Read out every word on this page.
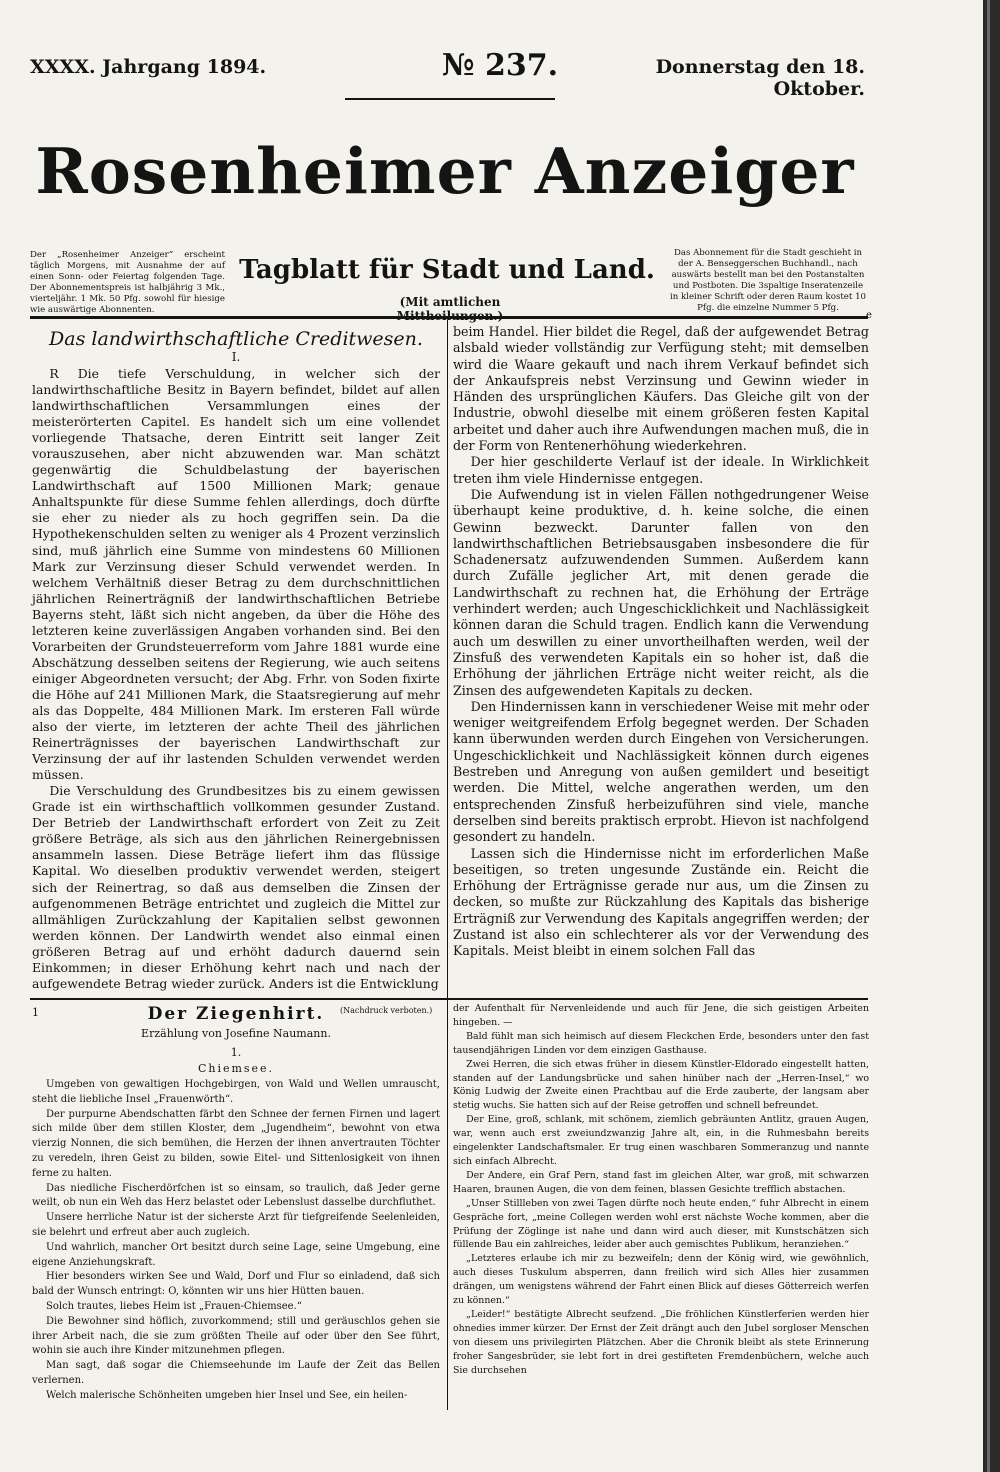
XXXX. Jahrgang 1894.	№ 237.	Donnerstag den 18. Oktober.
Rosenheimer Anzeiger
Der „Rosenheimer Anzeiger“ erscheint täglich Morgens, mit Ausnahme der auf einen Sonn- oder Feiertag folgenden Tage. Der Abonnementspreis ist halbjährig 3 Mk., vierteljähr. 1 Mk. 50 Pfg. sowohl für hiesige wie auswärtige Abonnenten.
Tagblatt für Stadt und Land.
(Mit amtlichen
Das Abonnement für die Stadt geschieht in der A. Benseggerschen Buchhandl., nach auswärts bestellt man bei den Postanstalten und Postboten. Die 3spaltige Inseratenzeile in kleiner Schrift oder deren Raum kostet 10 Pfg. die einzelne Nummer 5 Pfg.
e
Das landwirthschaftliche Creditwesen.
I.

R Die tiefe Verschuldung, in welcher sich der landwirthschaftliche Besitz in Bayern befindet, bildet auf allen landwirthschaftlichen Versammlungen eines der meisterörterten Capitel. Es handelt sich um eine vollendet vorliegende Thatsache, deren Eintritt seit langer Zeit vorauszusehen, aber nicht abzuwenden war. Man schätzt gegenwärtig die Schuldbelastung der bayerischen Landwirthschaft auf 1500 Millionen Mark; genaue Anhaltspunkte für diese Summe fehlen allerdings, doch dürfte sie eher zu nieder als zu hoch gegriffen sein. Da die Hypothekenschulden selten zu weniger als 4 Prozent verzinslich sind, muß jährlich eine Summe von mindestens 60 Millionen Mark zur Verzinsung dieser Schuld verwendet werden. In welchem Verhältniß dieser Betrag zu dem durchschnittlichen jährlichen Reinerträgniß der landwirthschaftlichen Betriebe Bayerns steht, läßt sich nicht angeben, da über die Höhe des letzteren keine zuverlässigen Angaben vorhanden sind. Bei den Vorarbeiten der Grundsteuerreform vom Jahre 1881 wurde eine Abschätzung desselben seitens der Regierung, wie auch seitens einiger Abgeordneten versucht; der Abg. Frhr. von Soden fixirte die Höhe auf 241 Millionen Mark, die Staatsregierung auf mehr als das Doppelte, 484 Millionen Mark. Im ersteren Fall würde also der vierte, im letzteren der achte Theil des jährlichen Reinerträgnisses der bayerischen Landwirthschaft zur Verzinsung der auf ihr lastenden Schulden verwendet werden müssen.

Die Verschuldung des Grundbesitzes bis zu einem gewissen Grade ist ein wirthschaftlich vollkommen gesunder Zustand. Der Betrieb der Landwirthschaft erfordert von Zeit zu Zeit größere Beträge, als sich aus den jährlichen Reinergebnissen ansammeln lassen. Diese Beträge liefert ihm das flüssige Kapital. Wo dieselben produktiv verwendet werden, steigert sich der Reinertrag, so daß aus demselben die Zinsen der aufgenommenen Beträge entrichtet und zugleich die Mittel zur allmähligen Zurückzahlung der Kapitalien selbst gewonnen werden können. Der Landwirth wendet also einmal einen größeren Betrag auf und erhöht dadurch dauernd sein Einkommen; in dieser Erhöhung kehrt nach und nach der aufgewendete Betrag wieder zurück. Anders ist die Entwicklung

beim Handel. Hier bildet die Regel, daß der aufgewendet Betrag alsbald wieder vollständig zur Verfügung steht; mit demselben wird die Waare gekauft und nach ihrem Verkauf befindet sich der Ankaufspreis nebst Verzinsung und Gewinn wieder in Händen des ursprünglichen Käufers. Das Gleiche gilt von der Industrie, obwohl dieselbe mit einem größeren festen Kapital arbeitet und daher auch ihre Aufwendungen machen muß, die in der Form von Rentenerhöhung wiederkehren.

Der hier geschilderte Verlauf ist der ideale. In Wirklichkeit treten ihm viele Hindernisse entgegen.

Die Aufwendung ist in vielen Fällen nothgedrungener Weise überhaupt keine produktive, d. h. keine solche, die einen Gewinn bezweckt. Darunter fallen von den landwirthschaftlichen Betriebsausgaben insbesondere die für Schadenersatz aufzuwendenden Summen. Außerdem kann durch Zufälle jeglicher Art, mit denen gerade die Landwirthschaft zu rechnen hat, die Erhöhung der Erträge verhindert werden; auch Ungeschicklichkeit und Nachlässigkeit können daran die Schuld tragen. Endlich kann die Verwendung auch um deswillen zu einer unvortheilhaften werden, weil der Zinsfuß des verwendeten Kapitals ein so hoher ist, daß die Erhöhung der jährlichen Erträge nicht weiter reicht, als die Zinsen des aufgewendeten Kapitals zu decken.

Den Hindernissen kann in verschiedener Weise mit mehr oder weniger weitgreifendem Erfolg begegnet werden. Der Schaden kann überwunden werden durch Eingehen von Versicherungen. Ungeschicklichkeit und Nachlässigkeit können durch eigenes Bestreben und Anregung von außen gemildert und beseitigt werden. Die Mittel, welche angerathen werden, um den entsprechenden Zinsfuß herbeizuführen sind viele, manche derselben sind bereits praktisch erprobt. Hievon ist nachfolgend gesondert zu handeln.

Lassen sich die Hindernisse nicht im erforderlichen Maße beseitigen, so treten ungesunde Zustände ein. Reicht die Erhöhung der Erträgnisse gerade nur aus, um die Zinsen zu decken, so mußte zur Rückzahlung des Kapitals das bisherige Erträgniß zur Verwendung des Kapitals angegriffen werden; der Zustand ist also ein schlechterer als vor der Verwendung des Kapitals. Meist bleibt in einem solchen Fall das

1	Der Ziegenhirt.	(Nachdruck verboten.)
Erzählung von Josefine Naumann.
1.
Chiemsee.

Umgeben von gewaltigen Hochgebirgen, von Wald und Wellen umrauscht, steht die liebliche Insel „Frauenwörth“.

Der purpurne Abendschatten färbt den Schnee der fernen Firnen und lagert sich milde über dem stillen Kloster, dem „Jugendheim“, bewohnt von etwa vierzig Nonnen, die sich bemühen, die Herzen der ihnen anvertrauten Töchter zu veredeln, ihren Geist zu bilden, sowie Eitel- und Sittenlosigkeit von ihnen ferne zu halten.

Das niedliche Fischerdörfchen ist so einsam, so traulich, daß Jeder gerne weilt, ob nun ein Weh das Herz belastet oder Lebenslust dasselbe durchfluthet.

Unsere herrliche Natur ist der sicherste Arzt für tiefgreifende Seelenleiden, sie belehrt und erfreut aber auch zugleich.

Und wahrlich, mancher Ort besitzt durch seine Lage, seine Umgebung, eine eigene Anziehungskraft.

Hier besonders wirken See und Wald, Dorf und Flur so einladend, daß sich bald der Wunsch entringt: O, könnten wir uns hier Hütten bauen.

Solch trautes, liebes Heim ist „Frauen-Chiemsee.“

Die Bewohner sind höflich, zuvorkommend; still und geräuschlos gehen sie ihrer Arbeit nach, die sie zum größten Theile auf oder über den See führt, wohin sie auch ihre Kinder mitzunehmen pflegen.

Man sagt, daß sogar die Chiemseehunde im Laufe der Zeit das Bellen verlernen.

Welch malerische Schönheiten umgeben hier Insel und See, ein heilen-

der Aufenthalt für Nervenleidende und auch für Jene, die sich geistigen Arbeiten hingeben. —

Bald fühlt man sich heimisch auf diesem Fleckchen Erde, besonders unter den fast tausendjährigen Linden vor dem einzigen Gasthause.

Zwei Herren, die sich etwas früher in diesem Künstler-Eldorado eingestellt hatten, standen auf der Landungsbrücke und sahen hinüber nach der „Herren-Insel,“ wo König Ludwig der Zweite einen Prachtbau auf die Erde zauberte, der langsam aber stetig wuchs. Sie hatten sich auf der Reise getroffen und schnell befreundet.

Der Eine, groß, schlank, mit schönem, ziemlich gebräunten Antlitz, grauen Augen, war, wenn auch erst zweiundzwanzig Jahre alt, ein, in die Ruhmesbahn bereits eingelenkter Landschaftsmaler. Er trug einen waschbaren Sommeranzug und nannte sich einfach Albrecht.

Der Andere, ein Graf Pern, stand fast im gleichen Alter, war groß, mit schwarzen Haaren, braunen Augen, die von dem feinen, blassen Gesichte trefflich abstachen.

„Unser Stillleben von zwei Tagen dürfte noch heute enden,“ fuhr Albrecht in einem Gespräche fort, „meine Collegen werden wohl erst nächste Woche kommen, aber die Prüfung der Zöglinge ist nahe und dann wird auch dieser, mit Kunstschätzen sich füllende Bau ein zahlreiches, leider aber auch gemischtes Publikum, heranziehen.“

„Letzteres erlaube ich mir zu bezweifeln; denn der König wird, wie gewöhnlich, auch dieses Tuskulum absperren, dann freilich wird sich Alles hier zusammen drängen, um wenigstens während der Fahrt einen Blick auf dieses Götterreich werfen zu können.“

„Leider!“ bestätigte Albrecht seufzend. „Die fröhlichen Künstlerferien werden hier ohnedies immer kürzer. Der Ernst der Zeit drängt auch den Jubel sorgloser Menschen von diesem uns privilegirten Plätzchen. Aber die Chronik bleibt als stete Erinnerung froher Sangesbrüder, sie lebt fort in drei gestifteten Fremdenbüchern, welche auch Sie durchsehen
